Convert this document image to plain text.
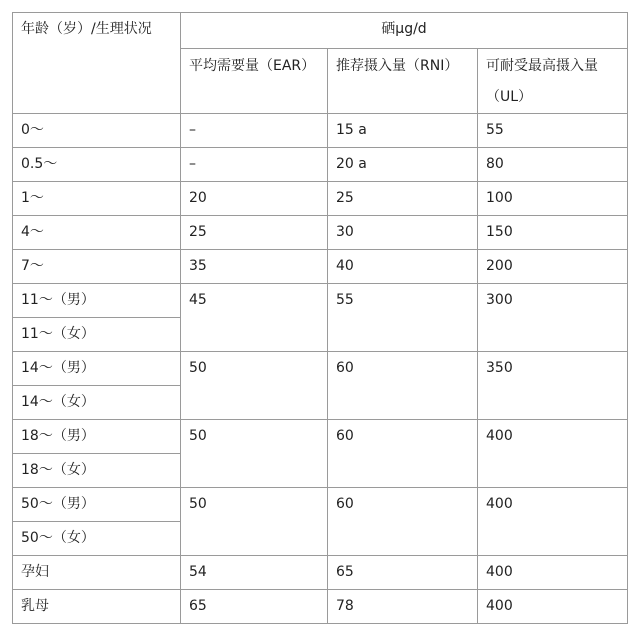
年龄（岁）/生理状况	硒μg/d		
	平均需要量（EAR）	推荐摄入量（RNI）	可耐受最高摄入量（UL）
0～	–	15 a	55
0.5～	–	20 a	80
1～	20	25	100
4～	25	30	150
7～	35	40	200
11～（男）	45	55	300
11～（女）			
14～（男）	50	60	350
14～（女）			
18～（男）	50	60	400
18～（女）			
50～（男）	50	60	400
50～（女）			
孕妇	54	65	400
乳母	65	78	400
